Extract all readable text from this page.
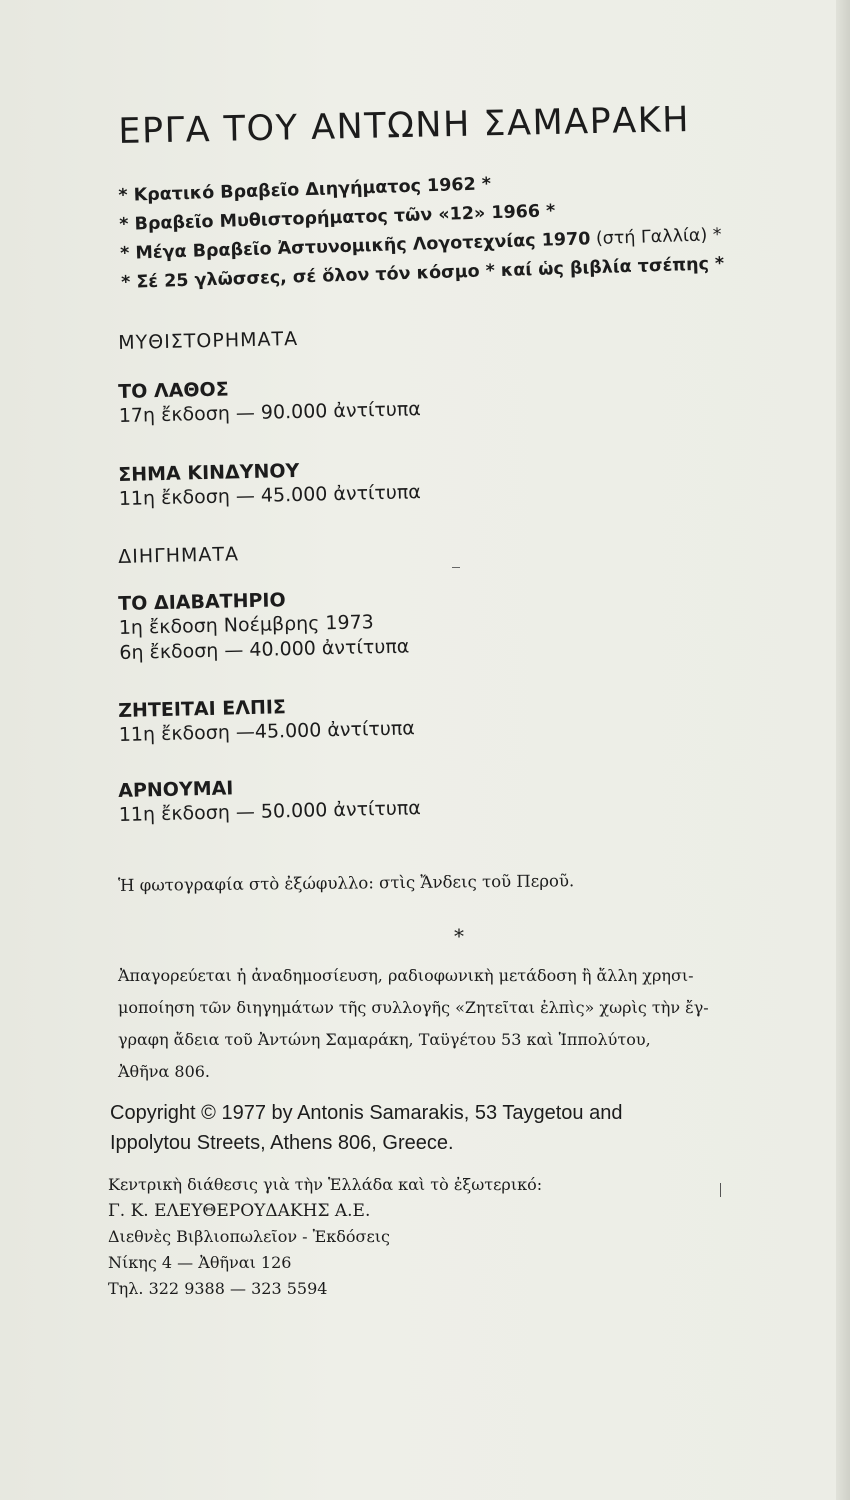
ΕΡΓΑ ΤΟΥ ΑΝΤΩΝΗ ΣΑΜΑΡΑΚΗ
* Κρατικό Βραβεῖο Διηγήματος 1962 *
* Βραβεῖο Μυθιστορήματος τῶν «12» 1966 *
* Μέγα Βραβεῖο Ἀστυνομικῆς Λογοτεχνίας 1970 (στή Γαλλία) *
* Σέ 25 γλῶσσες, σέ ὅλον τόν κόσμο * καί ὡς βιβλία τσέπης *
ΜΥΘΙΣΤΟΡΗΜΑΤΑ
ΤΟ ΛΑΘΟΣ
17η ἔκδοση — 90.000 ἀντίτυπα
ΣΗΜΑ ΚΙΝΔΥΝΟΥ
11η ἔκδοση — 45.000 ἀντίτυπα
ΔΙΗΓΗΜΑΤΑ
ΤΟ ΔΙΑΒΑΤΗΡΙΟ
1η ἔκδοση Νοέμβρης 1973
6η ἔκδοση — 40.000 ἀντίτυπα
ΖΗΤΕΙΤΑΙ ΕΛΠΙΣ
11η ἔκδοση —45.000 ἀντίτυπα
ΑΡΝΟΥΜΑΙ
11η ἔκδοση — 50.000 ἀντίτυπα
Ἡ φωτογραφία στὸ ἐξώφυλλο: στὶς Ἄνδεις τοῦ Περοῦ.
*
Ἀπαγορεύεται ἡ ἀναδημοσίευση, ραδιοφωνικὴ μετάδοση ἢ ἄλλη χρησι-
μοποίηση τῶν διηγημάτων τῆς συλλογῆς «Ζητεῖται ἐλπὶς» χωρὶς τὴν ἔγ-
γραφη ἄδεια τοῦ Ἀντώνη Σαμαράκη, Ταϋγέτου 53 καὶ Ἱππολύτου,
Ἀθῆνα 806.
Copyright © 1977 by Antonis Samarakis, 53 Taygetou and
Ippolytou Streets, Athens 806, Greece.
Κεντρικὴ διάθεσις γιὰ τὴν Ἑλλάδα καὶ τὸ ἐξωτερικό:
Γ. Κ. ΕΛΕΥΘΕΡΟΥΔΑΚΗΣ Α.Ε.
Διεθνὲς Βιβλιοπωλεῖον - Ἐκδόσεις
Νίκης 4 — Ἀθῆναι 126
Τηλ. 322 9388 — 323 5594
